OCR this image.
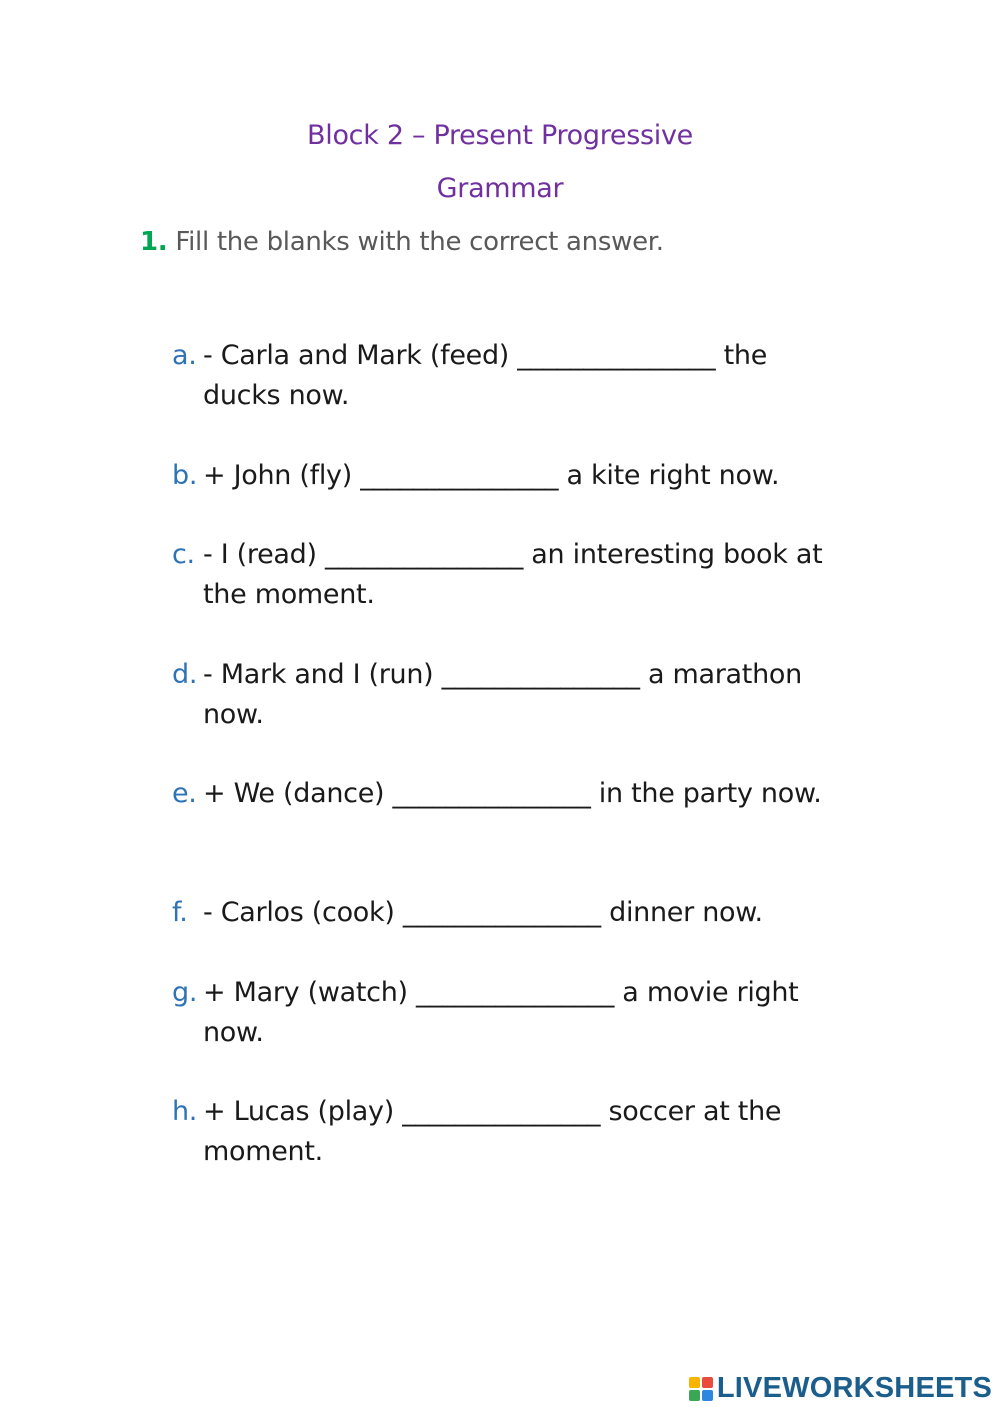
Block 2 – Present Progressive
Grammar
1. Fill the blanks with the correct answer.
a. - Carla and Mark (feed) _______________ the ducks now.
b. + John (fly) _______________ a kite right now.
c. - I (read) _______________ an interesting book at the moment.
d. - Mark and I (run) _______________ a marathon now.
e. + We (dance) _______________ in the party now.
f. - Carlos (cook) _______________ dinner now.
g. + Mary (watch) _______________ a movie right now.
h. + Lucas (play) _______________ soccer at the moment.
LIVEWORKSHEETS
